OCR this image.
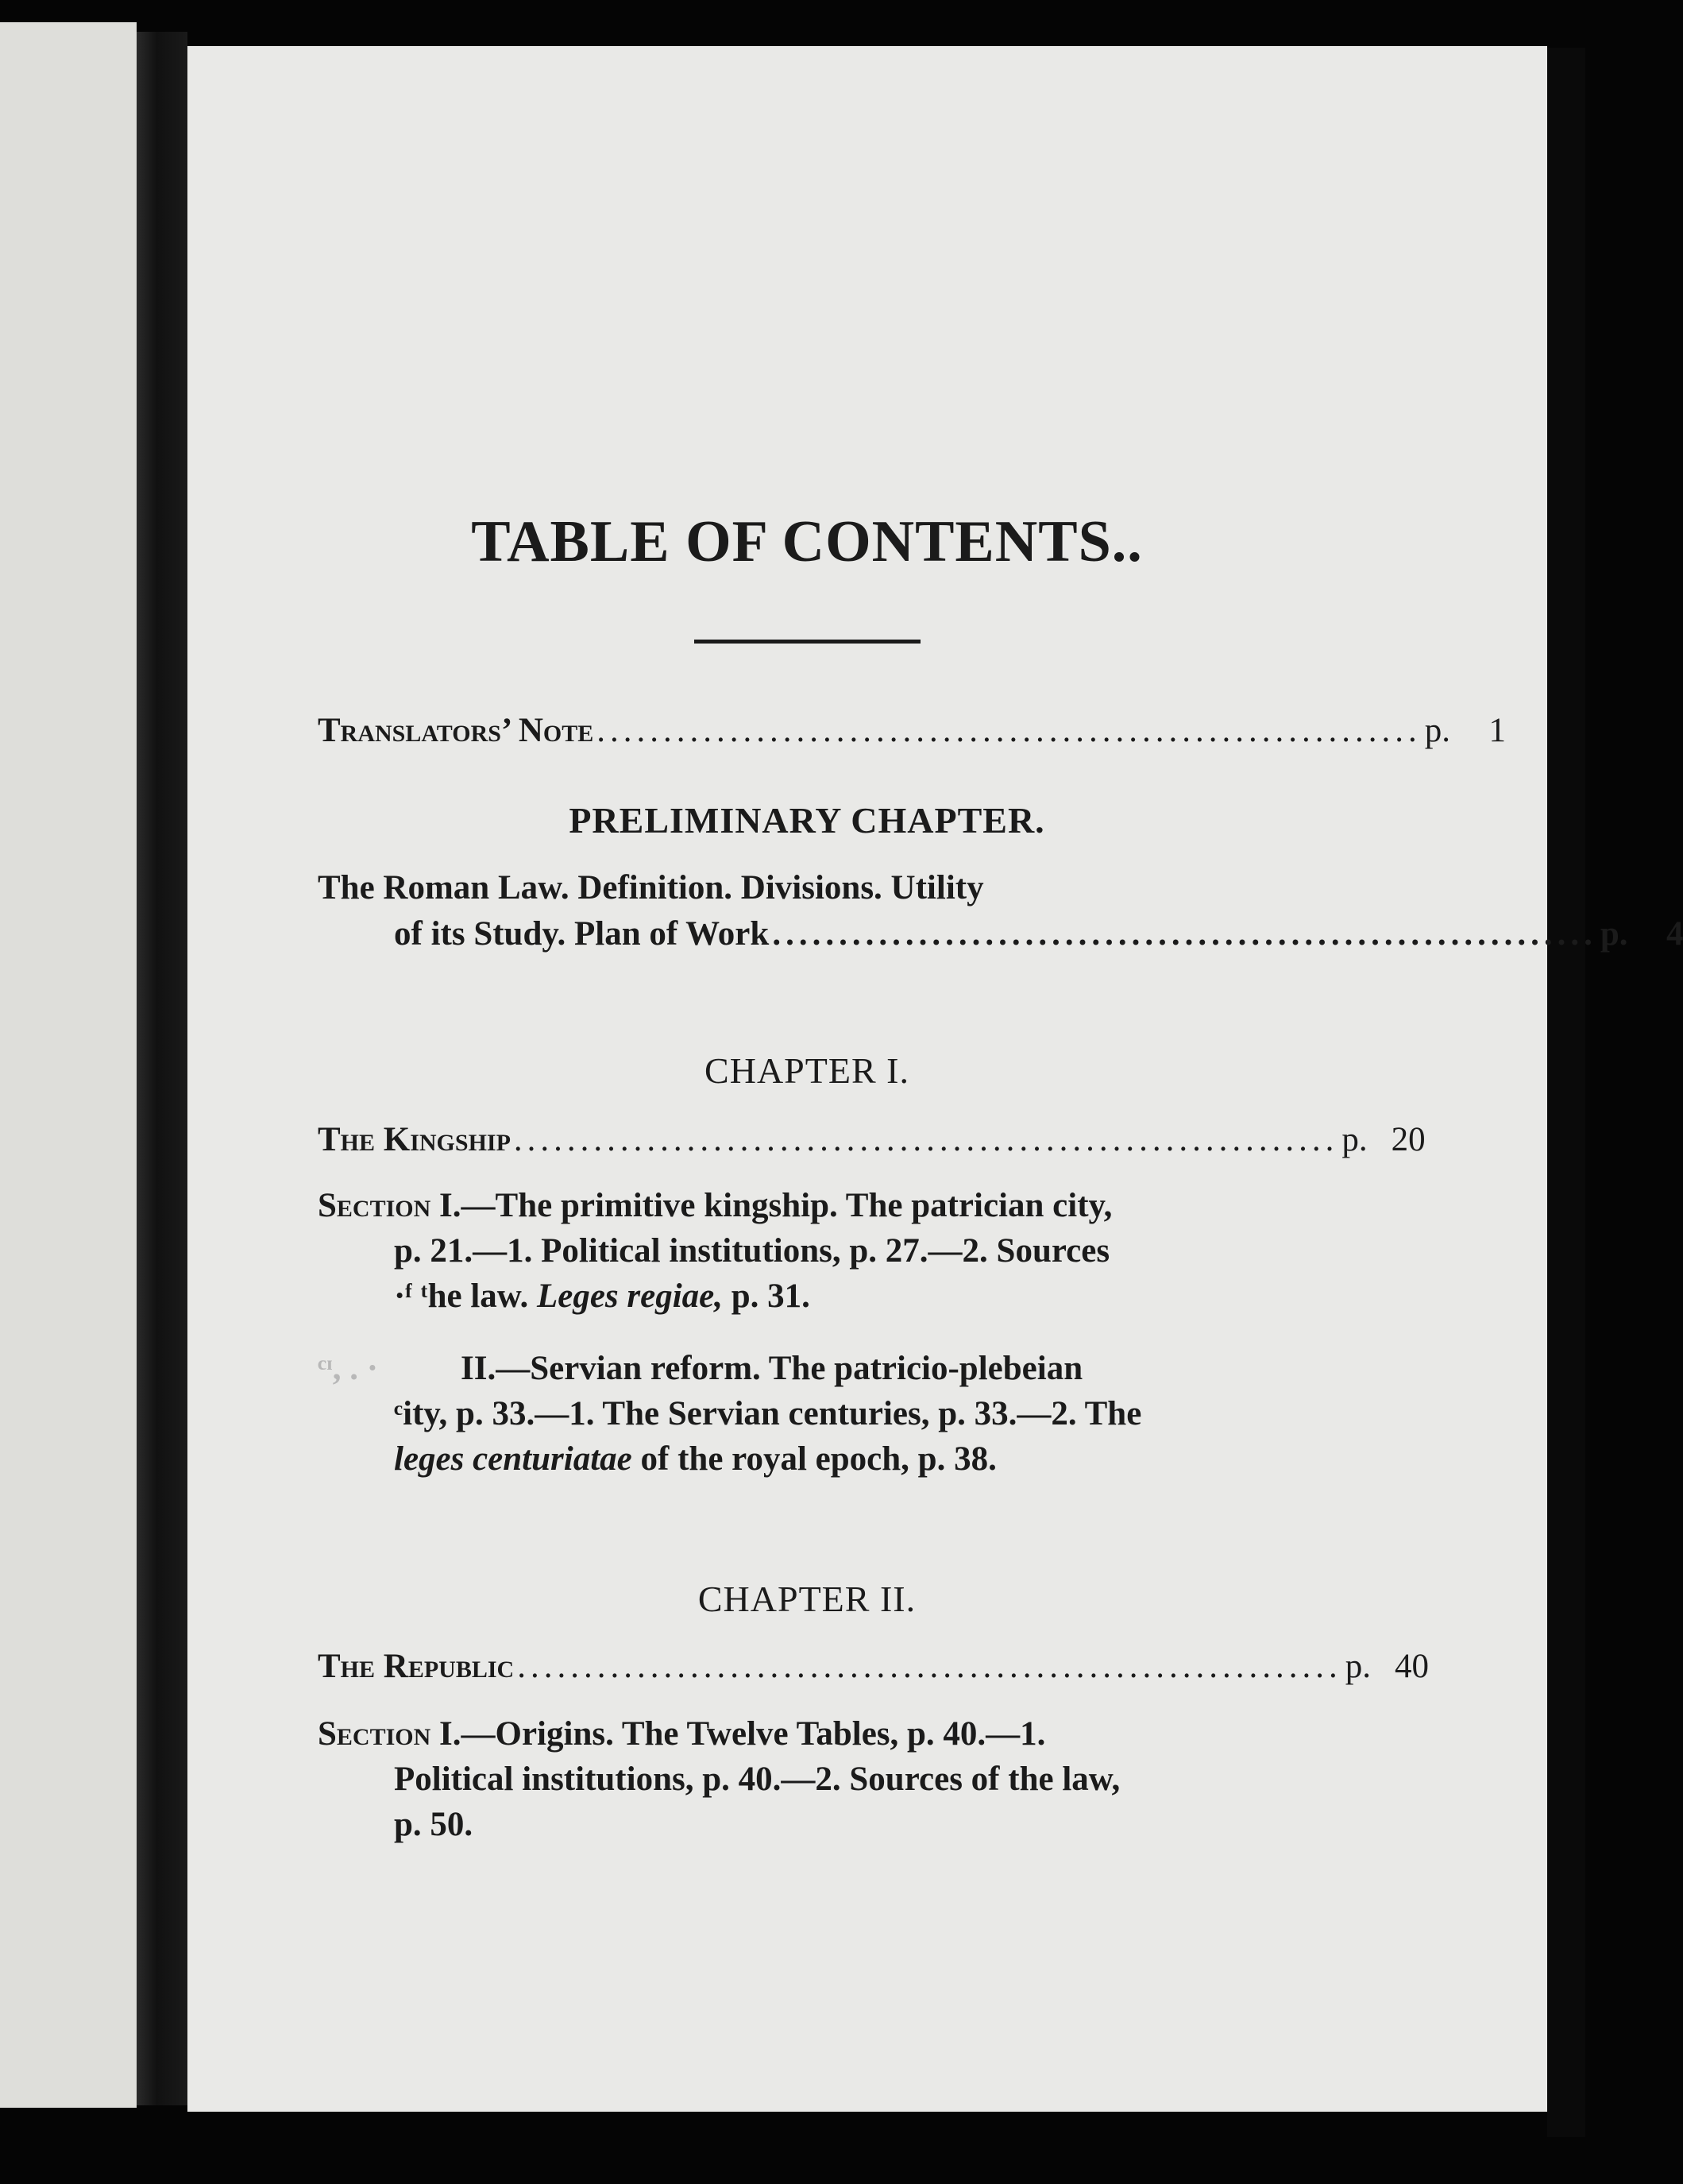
TABLE OF CONTENTS..
Translators’ Note .............................................................. p.	1
PRELIMINARY CHAPTER.
The Roman Law. Definition. Divisions. Utility
of its Study. Plan of Work .............................................................. p.	4
CHAPTER I.
The Kingship .............................................................. p. 20
Section I.—The primitive kingship. The patrician city,
p. 21.—1. Political institutions, p. 27.—2. Sources
·ᶠ ᵗhe law. Leges regiae, p. 31.
ᶜᶦ, . · II.—Servian reform. The patricio-plebeian
ᶜity, p. 33.—1. The Servian centuries, p. 33.—2. The
leges centuriatae of the royal epoch, p. 38.
CHAPTER II.
The Republic .............................................................. p. 40
Section I.—Origins. The Twelve Tables, p. 40.—1.
Political institutions, p. 40.—2. Sources of the law,
p. 50.
